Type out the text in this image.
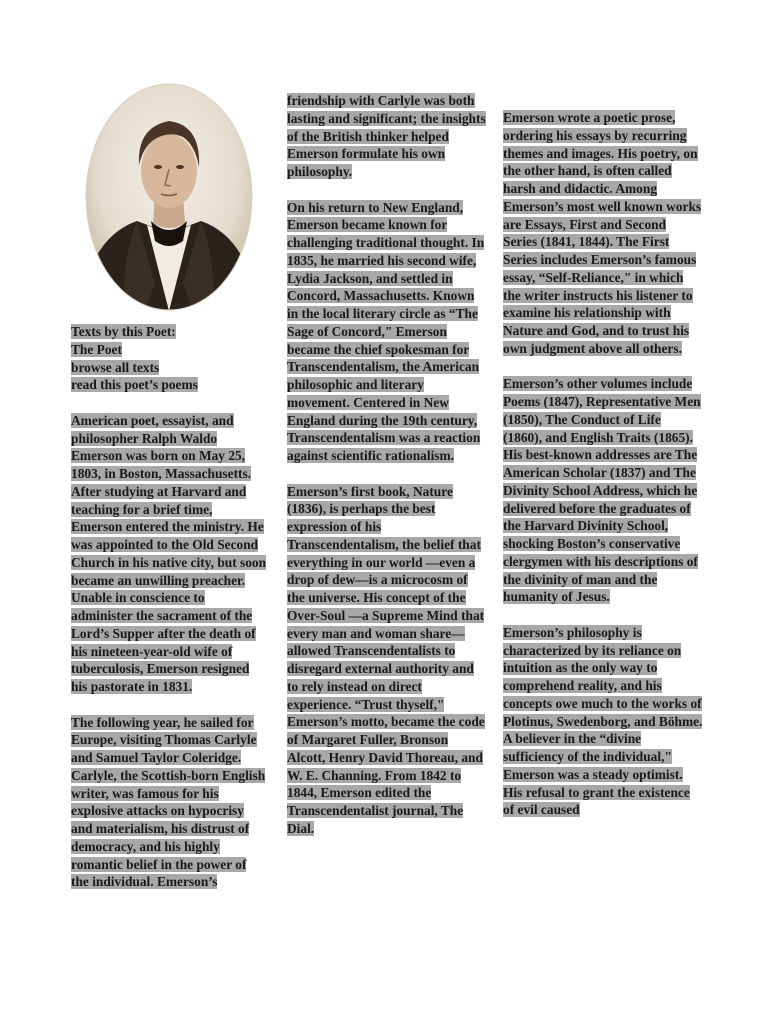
Texts by this Poet:
The Poet
browse all texts
read this poet’s poems

American poet, essayist, and philosopher Ralph Waldo Emerson was born on May 25, 1803, in Boston, Massachusetts. After studying at Harvard and teaching for a brief time, Emerson entered the ministry. He was appointed to the Old Second Church in his native city, but soon became an unwilling preacher. Unable in conscience to administer the sacrament of the Lord’s Supper after the death of his nineteen-year-old wife of tuberculosis, Emerson resigned his pastorate in 1831.

The following year, he sailed for Europe, visiting Thomas Carlyle and Samuel Taylor Coleridge. Carlyle, the Scottish-born English writer, was famous for his explosive attacks on hypocrisy and materialism, his distrust of democracy, and his highly romantic belief in the power of the individual. Emerson’s

friendship with Carlyle was both lasting and significant; the insights of the British thinker helped Emerson formulate his own philosophy.

On his return to New England, Emerson became known for challenging traditional thought. In 1835, he married his second wife, Lydia Jackson, and settled in Concord, Massachusetts. Known in the local literary circle as “The Sage of Concord," Emerson became the chief spokesman for Transcendentalism, the American philosophic and literary movement. Centered in New England during the 19th century, Transcendentalism was a reaction against scientific rationalism.

Emerson’s first book, Nature (1836), is perhaps the best expression of his Transcendentalism, the belief that everything in our world —even a drop of dew—is a microcosm of the universe. His concept of the Over-Soul —a Supreme Mind that every man and woman share— allowed Transcendentalists to disregard external authority and to rely instead on direct experience. “Trust thyself," Emerson’s motto, became the code of Margaret Fuller, Bronson Alcott, Henry David Thoreau, and W. E. Channing. From 1842 to 1844, Emerson edited the Transcendentalist journal, The Dial.

Emerson wrote a poetic prose, ordering his essays by recurring themes and images. His poetry, on the other hand, is often called harsh and didactic. Among Emerson’s most well known works are Essays, First and Second Series (1841, 1844). The First Series includes Emerson’s famous essay, “Self-Reliance," in which the writer instructs his listener to examine his relationship with Nature and God, and to trust his own judgment above all others.

Emerson’s other volumes include Poems (1847), Representative Men (1850), The Conduct of Life (1860), and English Traits (1865). His best-known addresses are The American Scholar (1837) and The Divinity School Address, which he delivered before the graduates of the Harvard Divinity School, shocking Boston’s conservative clergymen with his descriptions of the divinity of man and the humanity of Jesus.

Emerson’s philosophy is characterized by its reliance on intuition as the only way to comprehend reality, and his concepts owe much to the works of Plotinus, Swedenborg, and Böhme. A believer in the “divine sufficiency of the individual," Emerson was a steady optimist. His refusal to grant the existence of evil caused
